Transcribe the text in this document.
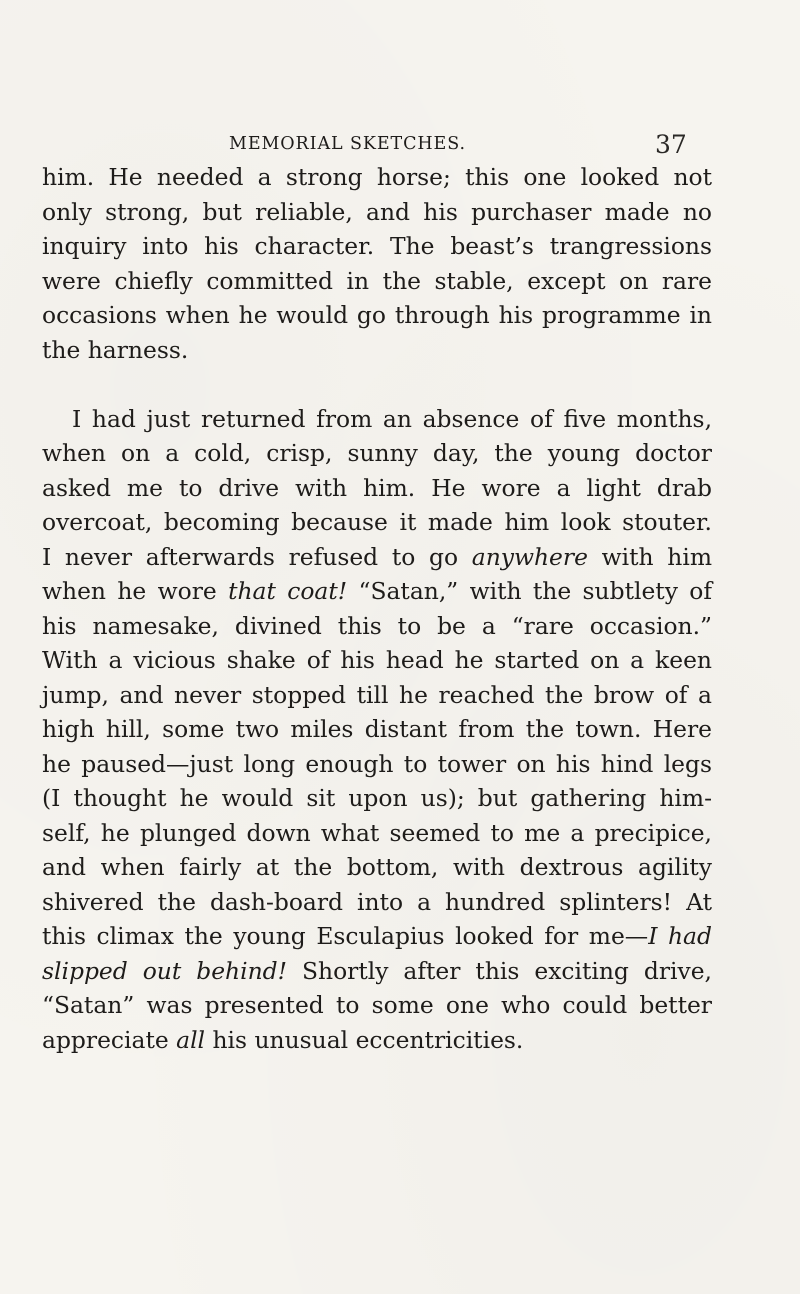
MEMORIAL SKETCHES.	37
him. He needed a strong horse; this one looked not
only strong, but reliable, and his purchaser made no
inquiry into his character. The beast’s trangressions
were chiefly committed in the stable, except on rare
occasions when he would go through his programme in
the harness.
I had just returned from an absence of five months,
when on a cold, crisp, sunny day, the young doctor
asked me to drive with him. He wore a light drab
overcoat, becoming because it made him look stouter.
I never afterwards refused to go anywhere with him
when he wore that coat! “Satan,” with the subtlety of
his namesake, divined this to be a “rare occasion.”
With a vicious shake of his head he started on a keen
jump, and never stopped till he reached the brow of a
high hill, some two miles distant from the town. Here
he paused—just long enough to tower on his hind legs
(I thought he would sit upon us); but gathering him-
self, he plunged down what seemed to me a precipice,
and when fairly at the bottom, with dextrous agility
shivered the dash-board into a hundred splinters! At
this climax the young Esculapius looked for me—I had
slipped out behind! Shortly after this exciting drive,
“Satan” was presented to some one who could better
appreciate all his unusual eccentricities.
